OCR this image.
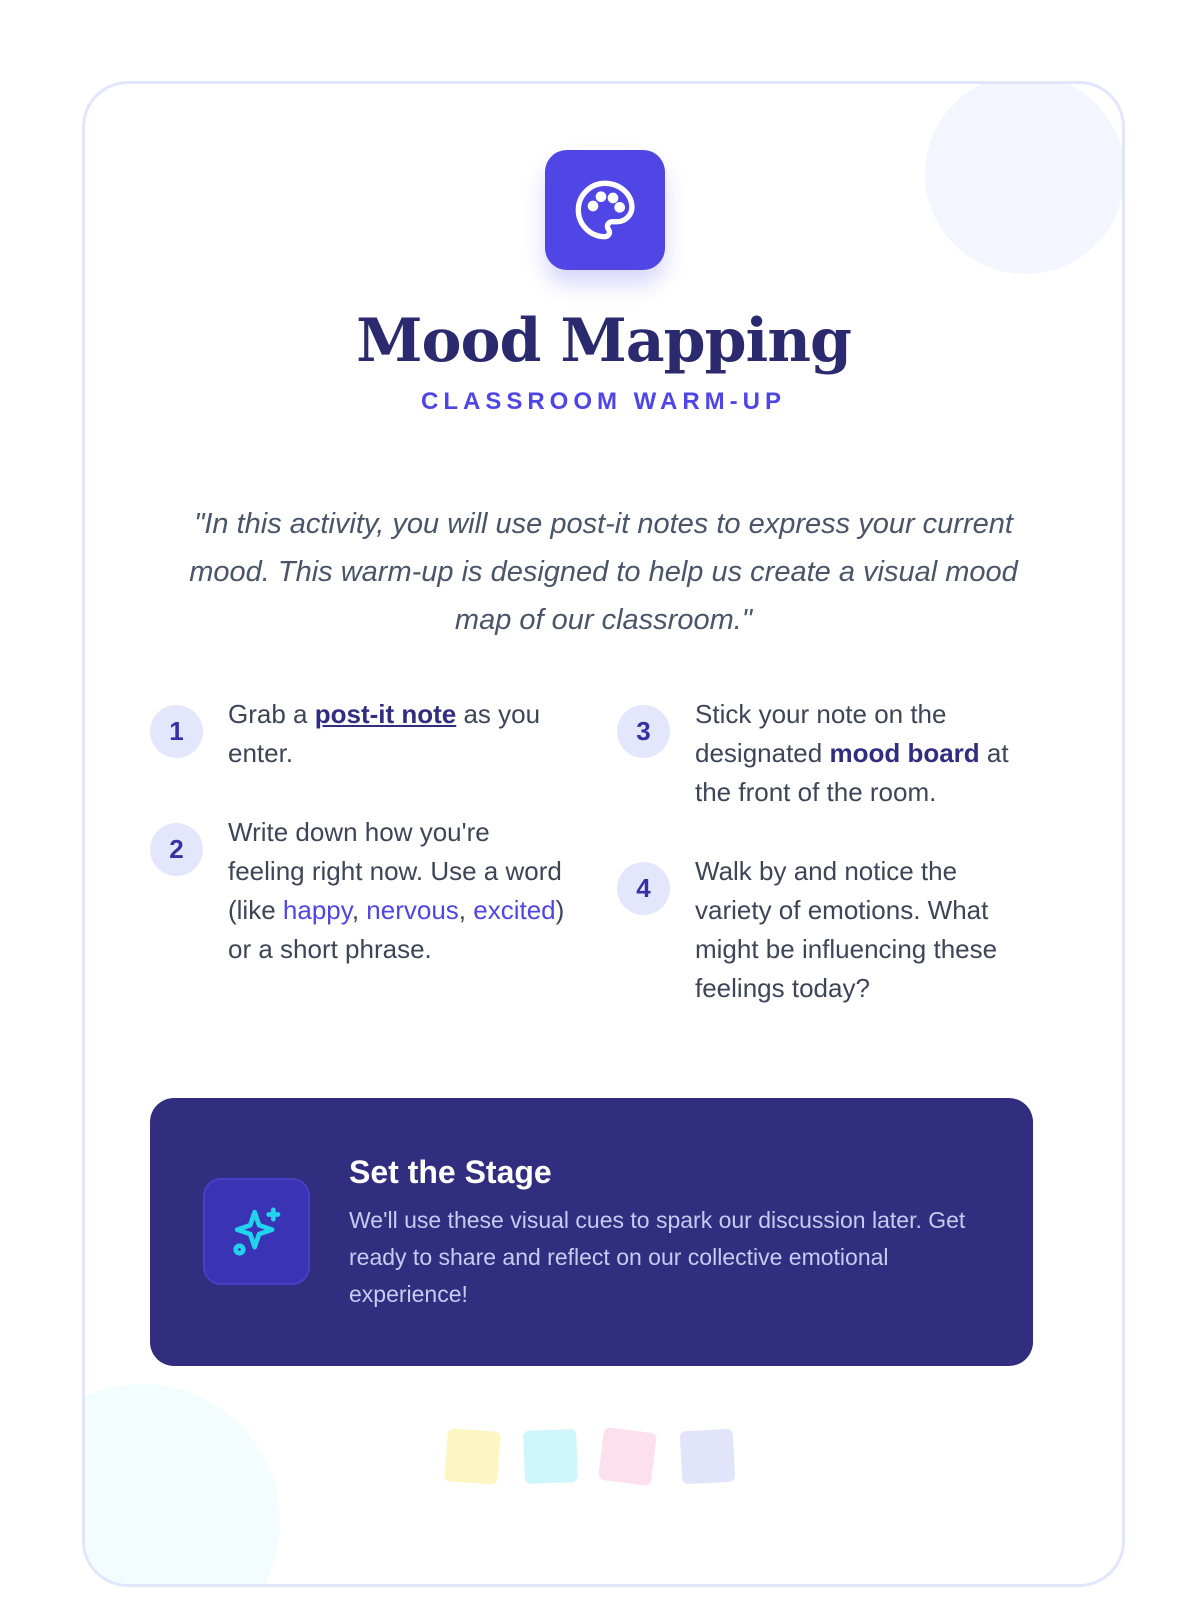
Mood Mapping
CLASSROOM WARM-UP

"In this activity, you will use post-it notes to express your current mood. This warm-up is designed to help us create a visual mood map of our classroom."

1
Grab a post-it note as you enter.
2
Write down how you're feeling right now. Use a word (like happy, nervous, excited) or a short phrase.
3
Stick your note on the designated mood board at the front of the room.
4
Walk by and notice the variety of emotions. What might be influencing these feelings today?
Set the Stage

We'll use these visual cues to spark our discussion later. Get ready to share and reflect on our collective emotional experience!
